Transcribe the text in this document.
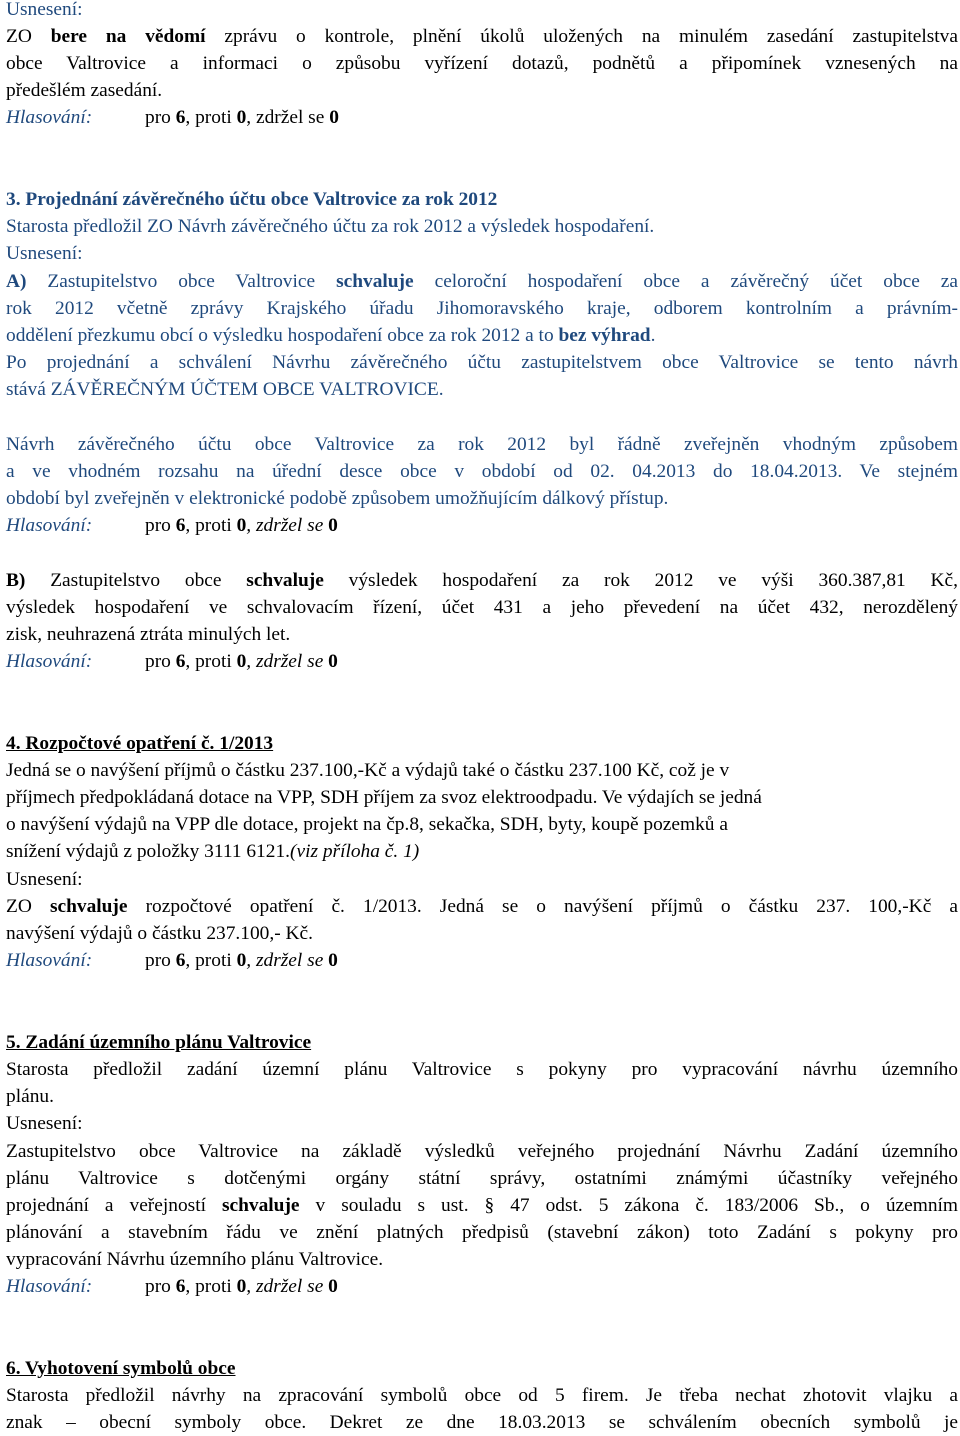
Usnesení:
ZO bere na vědomí zprávu o kontrole, plnění úkolů uložených na minulém zasedání zastupitelstva
obce Valtrovice a informaci o způsobu vyřízení dotazů, podnětů a připomínek vznesených na
předešlém zasedání.
Hlasování:	pro 6, proti 0, zdržel se 0
3. Projednání závěrečného účtu obce Valtrovice za rok 2012
Starosta předložil ZO Návrh závěrečného účtu za rok 2012 a výsledek hospodaření.
Usnesení:
A) Zastupitelstvo obce Valtrovice schvaluje celoroční hospodaření obce a závěrečný účet obce za
rok 2012 včetně zprávy Krajského úřadu Jihomoravského kraje, odborem kontrolním a právním-
oddělení přezkumu obcí o výsledku hospodaření obce za rok 2012 a to bez výhrad.
Po projednání a schválení Návrhu závěrečného účtu zastupitelstvem obce Valtrovice se tento návrh
stává ZÁVĚREČNÝM ÚČTEM OBCE VALTROVICE.
Návrh závěrečného účtu obce Valtrovice za rok 2012 byl řádně zveřejněn vhodným způsobem
a ve vhodném rozsahu na úřední desce obce v období od 02. 04.2013 do 18.04.2013. Ve stejném
období byl zveřejněn v elektronické podobě způsobem umožňujícím dálkový přístup.
Hlasování:	pro 6, proti 0, zdržel se 0
B) Zastupitelstvo obce schvaluje výsledek hospodaření za rok 2012 ve výši 360.387,81 Kč,
výsledek hospodaření ve schvalovacím řízení, účet 431 a jeho převedení na účet 432, nerozdělený
zisk, neuhrazená ztráta minulých let.
Hlasování:	pro 6, proti 0, zdržel se 0
4. Rozpočtové opatření č. 1/2013
Jedná se o navýšení příjmů o částku 237.100,-Kč a výdajů také o částku 237.100 Kč, což je v
příjmech předpokládaná dotace na VPP, SDH příjem za svoz elektroodpadu. Ve výdajích se jedná
o navýšení výdajů na VPP dle dotace, projekt na čp.8, sekačka, SDH, byty, koupě pozemků a
snížení výdajů z položky 3111 6121.(viz příloha č. 1)
Usnesení:
ZO schvaluje rozpočtové opatření č. 1/2013. Jedná se o navýšení příjmů o částku 237. 100,-Kč a
navýšení výdajů o částku 237.100,- Kč.
Hlasování:	pro 6, proti 0, zdržel se 0
5. Zadání územního plánu Valtrovice
Starosta předložil zadání územní plánu Valtrovice s pokyny pro vypracování návrhu územního
plánu.
Usnesení:
Zastupitelstvo obce Valtrovice na základě výsledků veřejného projednání Návrhu Zadání územního
plánu Valtrovice s dotčenými orgány státní správy, ostatními známými účastníky veřejného
projednání a veřejností schvaluje v souladu s ust. § 47 odst. 5 zákona č. 183/2006 Sb., o územním
plánování a stavebním řádu ve znění platných předpisů (stavební zákon) toto Zadání s pokyny pro
vypracování Návrhu územního plánu Valtrovice.
Hlasování:	pro 6, proti 0, zdržel se 0
6. Vyhotovení symbolů obce
Starosta předložil návrhy na zpracování symbolů obce od 5 firem. Je třeba nechat zhotovit vlajku a
znak – obecní symboly obce. Dekret ze dne 18.03.2013 se schválením obecních symbolů je
